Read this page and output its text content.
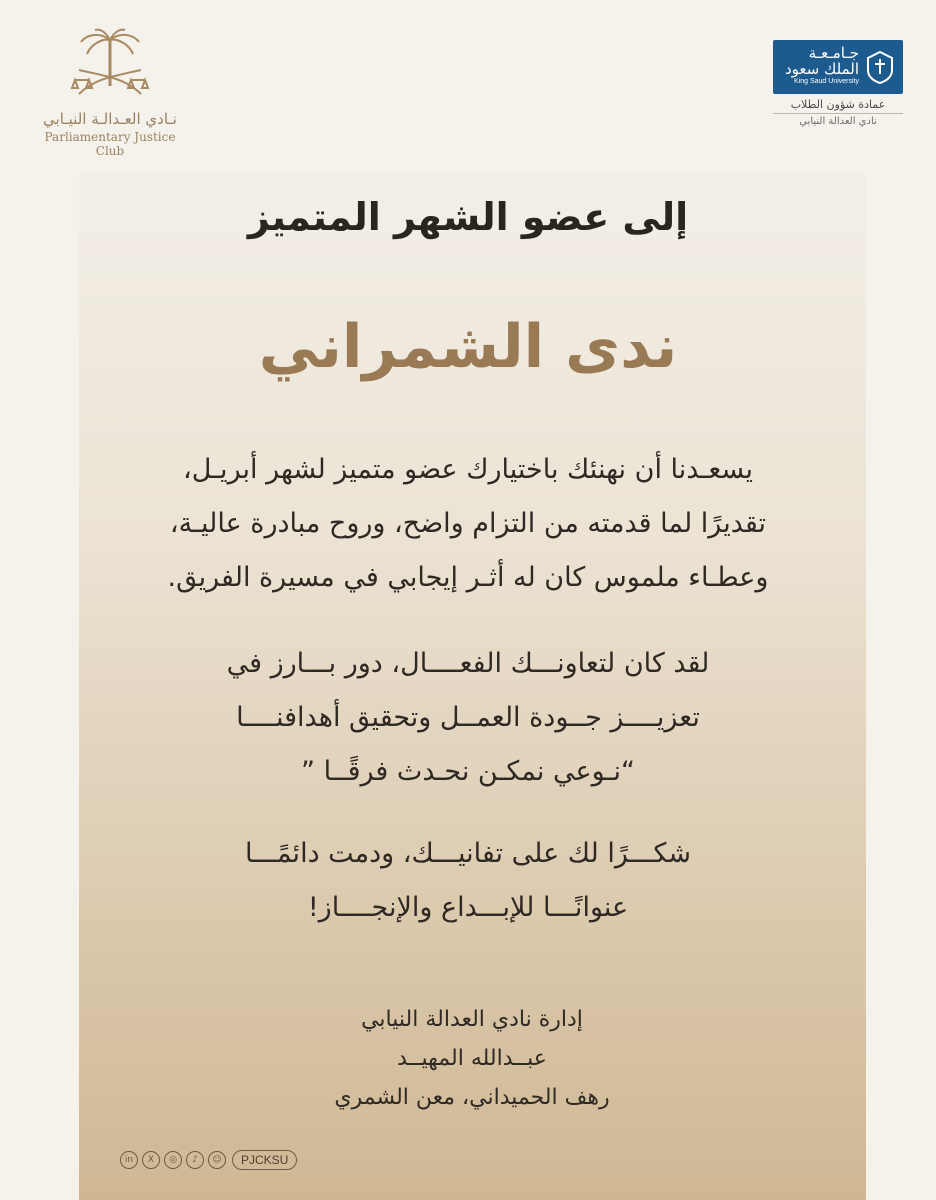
نـادي العـدالـة النيـابي
Parliamentary Justice Club
جـامـعـة
الملك سعود
King Saud University
عمادة شؤون الطلاب
نادي العدالة النيابي
إلى عضو الشهر المتميز
ندى الشمراني
يسعـدنا أن نهنئك باختيارك عضو متميز لشهر أبريـل،
تقديرًا لما قدمته من التزام واضح، وروح مبادرة عاليـة،
وعطـاء ملموس كان له أثـر إيجابي في مسيرة الفريق.
لقد كان لتعاونـــك الفعــــال، دور بـــارز في
تعزيــــز جــودة العمــل وتحقيق أهدافنــــا
“نـوعي نمكـن نحـدث فرقًــا ”
شكـــرًا لك على تفانيـــك، ودمت دائمًـــا
عنوانًـــا للإبـــداع والإنجــــاز!
إدارة نادي العدالة النيابي
عبــدالله المهيــد
رهف الحميداني، معن الشمري
in	X	◎	♪	☺	PJCKSU
